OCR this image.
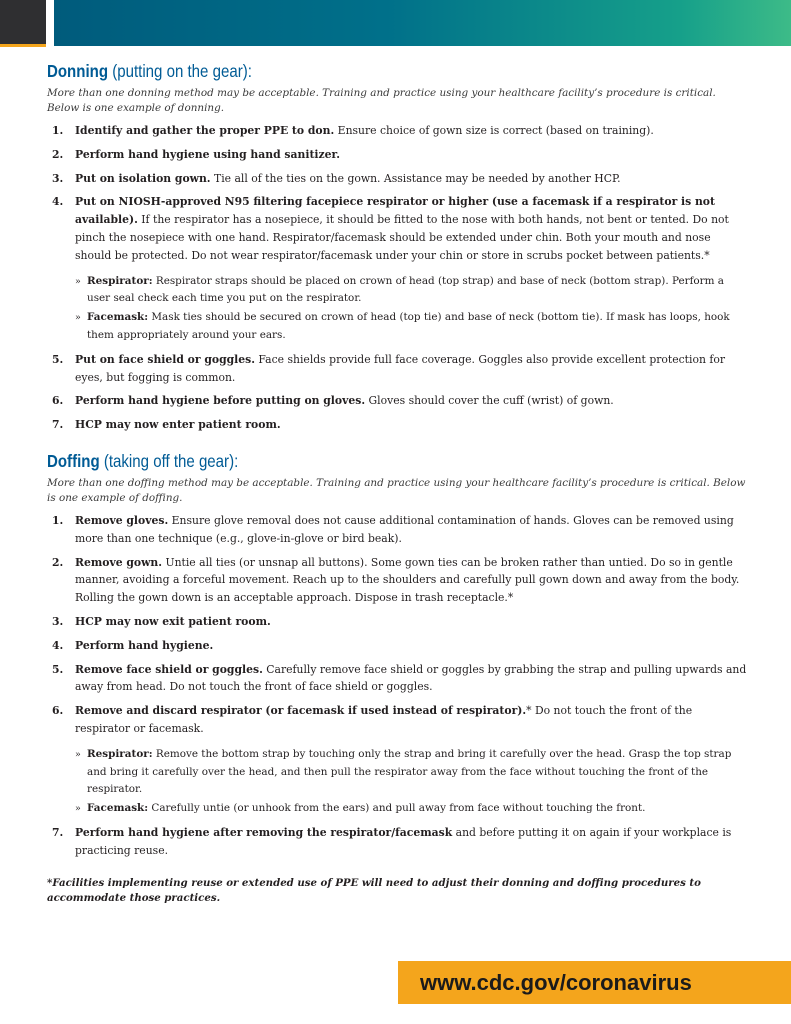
Donning (putting on the gear):

More than one donning method may be acceptable. Training and practice using your healthcare facility’s procedure is critical. Below is one example of donning.

1. Identify and gather the proper PPE to don. Ensure choice of gown size is correct (based on training).
2. Perform hand hygiene using hand sanitizer.
3. Put on isolation gown. Tie all of the ties on the gown. Assistance may be needed by another HCP.
4. Put on NIOSH-approved N95 filtering facepiece respirator or higher (use a facemask if a respirator is not available). If the respirator has a nosepiece, it should be fitted to the nose with both hands, not bent or tented. Do not pinch the nosepiece with one hand. Respirator/facemask should be extended under chin. Both your mouth and nose should be protected. Do not wear respirator/facemask under your chin or store in scrubs pocket between patients.*
» Respirator: Respirator straps should be placed on crown of head (top strap) and base of neck (bottom strap). Perform a user seal check each time you put on the respirator.
» Facemask: Mask ties should be secured on crown of head (top tie) and base of neck (bottom tie). If mask has loops, hook them appropriately around your ears.
5. Put on face shield or goggles. Face shields provide full face coverage. Goggles also provide excellent protection for eyes, but fogging is common.
6. Perform hand hygiene before putting on gloves. Gloves should cover the cuff (wrist) of gown.
7. HCP may now enter patient room.
Doffing (taking off the gear):

More than one doffing method may be acceptable. Training and practice using your healthcare facility’s procedure is critical. Below is one example of doffing.

1. Remove gloves. Ensure glove removal does not cause additional contamination of hands. Gloves can be removed using more than one technique (e.g., glove-in-glove or bird beak).
2. Remove gown. Untie all ties (or unsnap all buttons). Some gown ties can be broken rather than untied. Do so in gentle manner, avoiding a forceful movement. Reach up to the shoulders and carefully pull gown down and away from the body. Rolling the gown down is an acceptable approach. Dispose in trash receptacle.*
3. HCP may now exit patient room.
4. Perform hand hygiene.
5. Remove face shield or goggles. Carefully remove face shield or goggles by grabbing the strap and pulling upwards and away from head. Do not touch the front of face shield or goggles.
6. Remove and discard respirator (or facemask if used instead of respirator).* Do not touch the front of the respirator or facemask.
» Respirator: Remove the bottom strap by touching only the strap and bring it carefully over the head. Grasp the top strap and bring it carefully over the head, and then pull the respirator away from the face without touching the front of the respirator.
» Facemask: Carefully untie (or unhook from the ears) and pull away from face without touching the front.
7. Perform hand hygiene after removing the respirator/facemask and before putting it on again if your workplace is practicing reuse.

*Facilities implementing reuse or extended use of PPE will need to adjust their donning and doffing procedures to accommodate those practices.

www.cdc.gov/coronavirus
